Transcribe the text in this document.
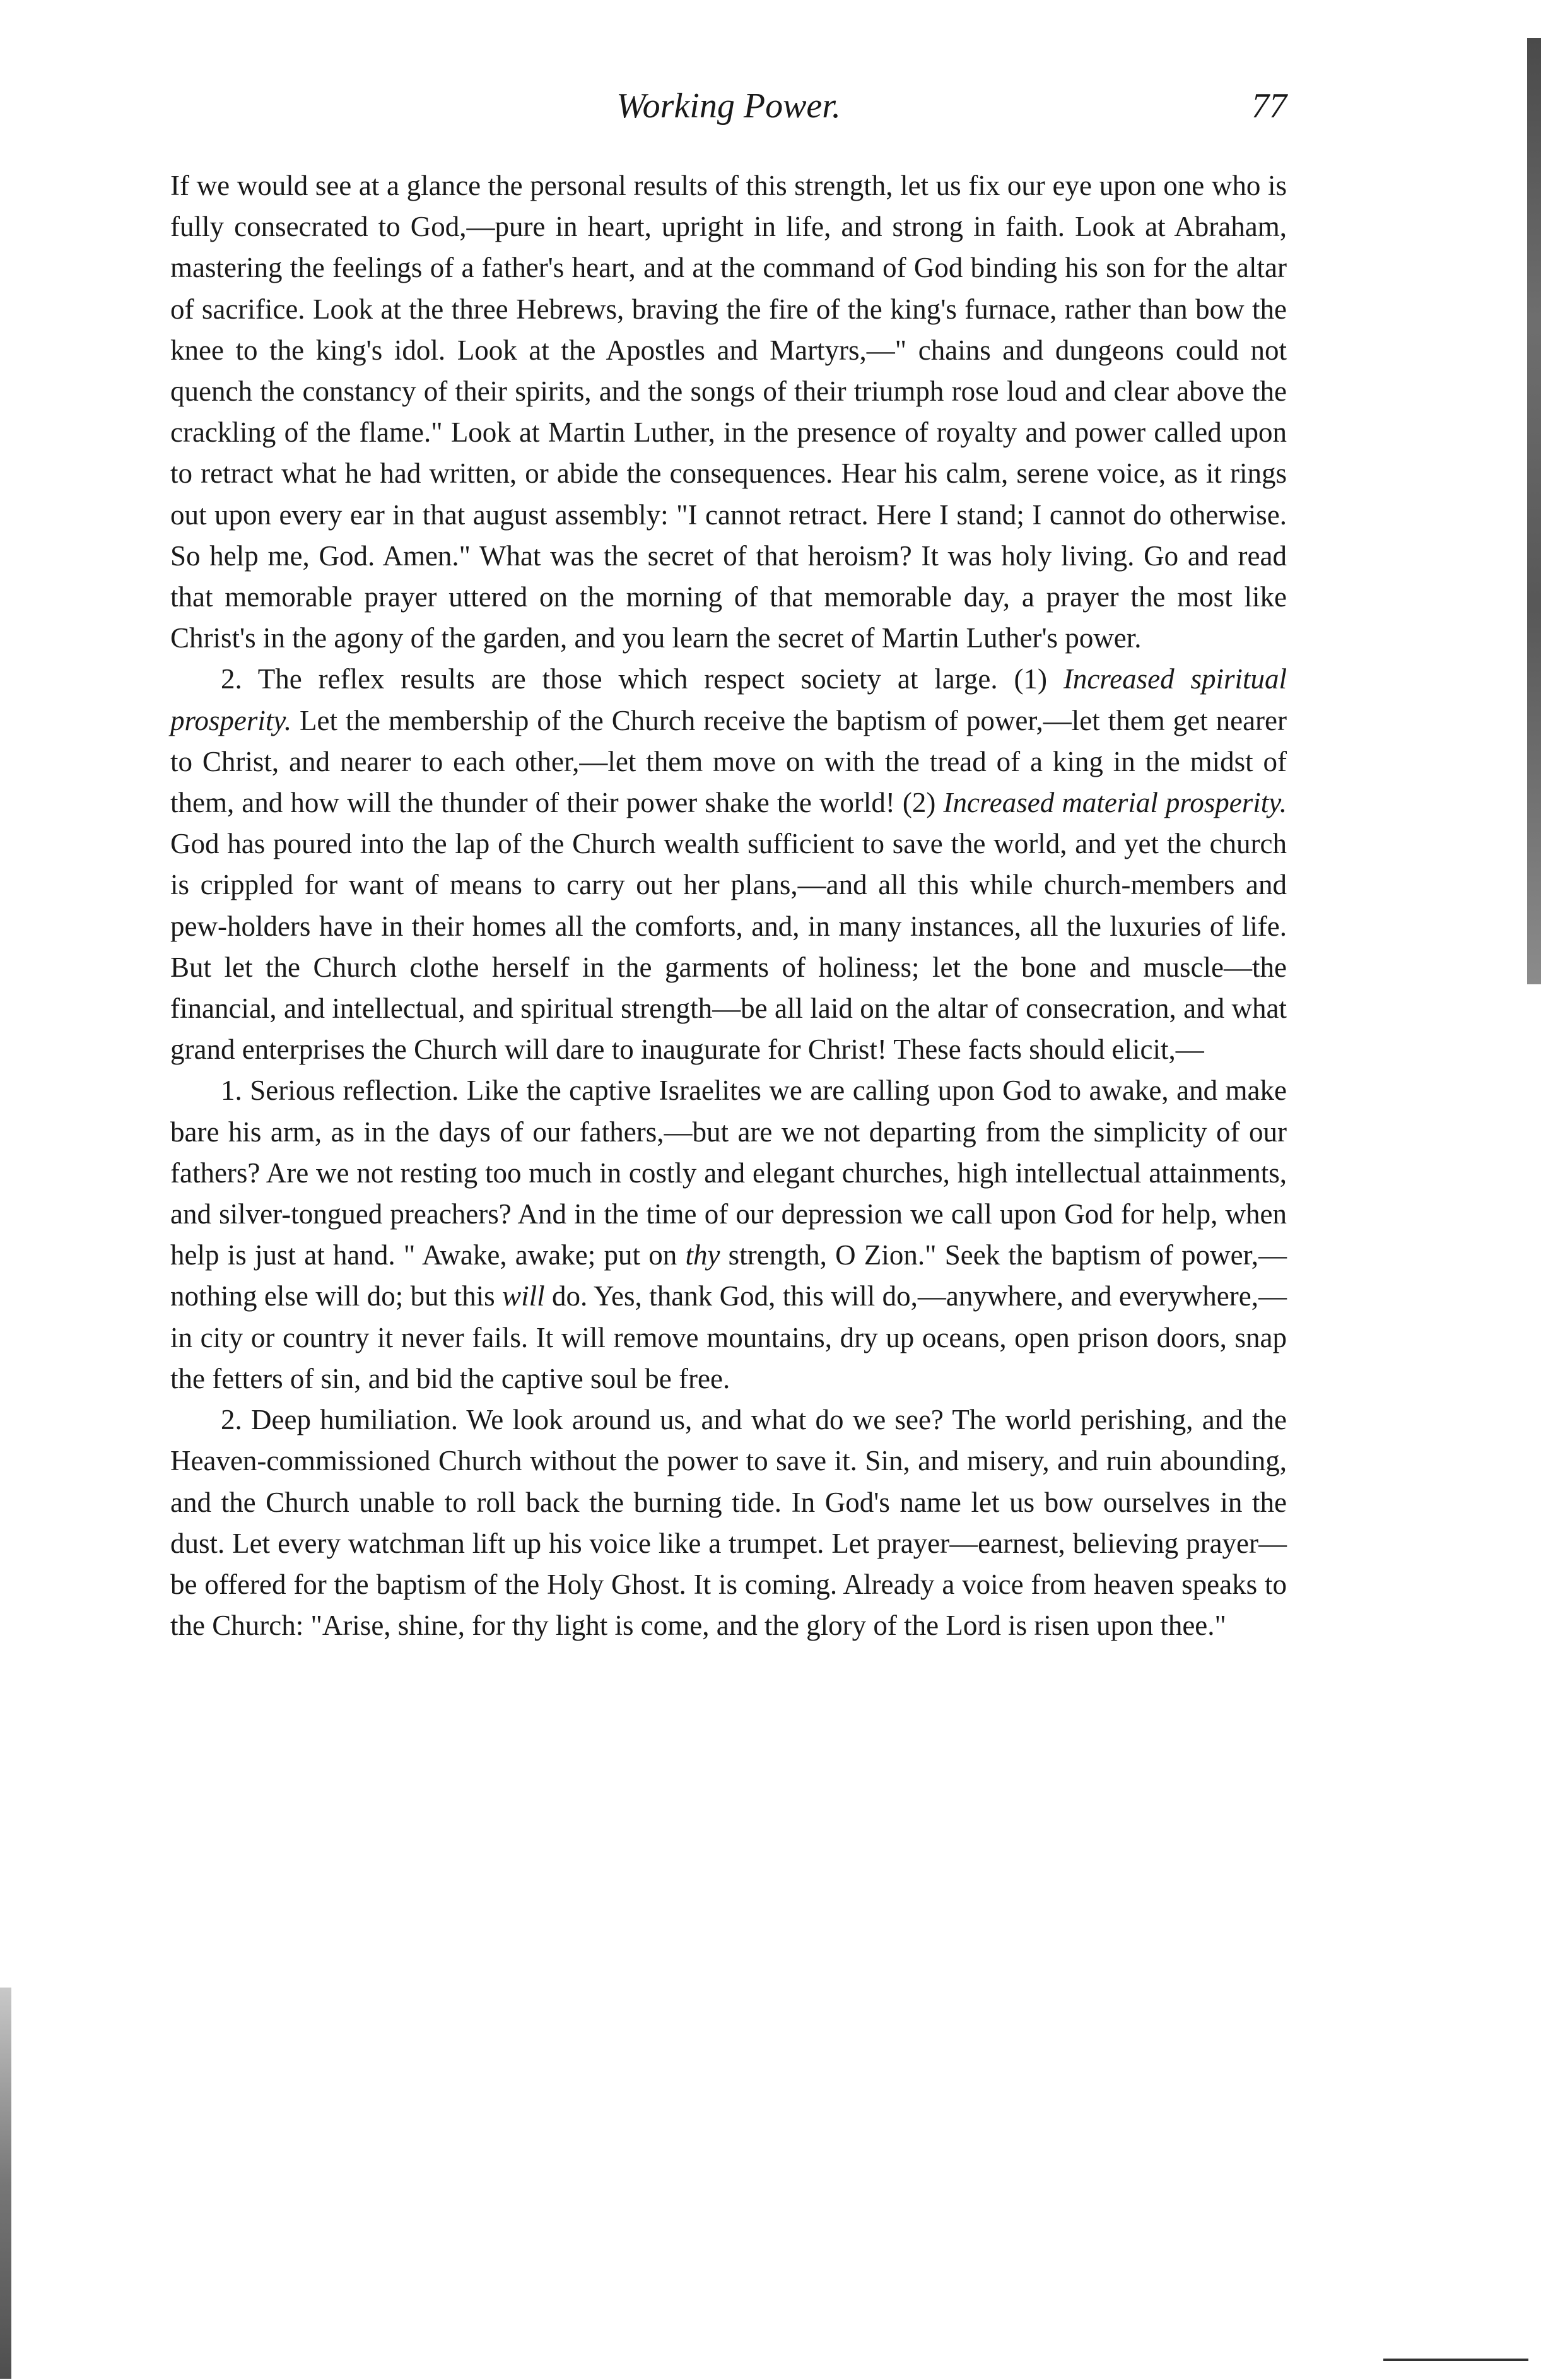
Working Power.	77

If we would see at a glance the personal results of this strength, let us fix our eye upon one who is fully consecrated to God,—pure in heart, upright in life, and strong in faith. Look at Abraham, mastering the feelings of a father's heart, and at the command of God binding his son for the altar of sacrifice. Look at the three Hebrews, braving the fire of the king's furnace, rather than bow the knee to the king's idol. Look at the Apostles and Martyrs,—" chains and dungeons could not quench the constancy of their spirits, and the songs of their triumph rose loud and clear above the crackling of the flame." Look at Martin Luther, in the presence of royalty and power called upon to retract what he had written, or abide the consequences. Hear his calm, serene voice, as it rings out upon every ear in that august assembly: "I cannot retract. Here I stand; I cannot do otherwise. So help me, God. Amen." What was the secret of that heroism? It was holy living. Go and read that memorable prayer uttered on the morning of that memorable day, a prayer the most like Christ's in the agony of the garden, and you learn the secret of Martin Luther's power.

2. The reflex results are those which respect society at large. (1) Increased spiritual prosperity. Let the membership of the Church receive the baptism of power,—let them get nearer to Christ, and nearer to each other,—let them move on with the tread of a king in the midst of them, and how will the thunder of their power shake the world! (2) Increased material prosperity. God has poured into the lap of the Church wealth sufficient to save the world, and yet the church is crippled for want of means to carry out her plans,—and all this while church-members and pew-holders have in their homes all the comforts, and, in many instances, all the luxuries of life. But let the Church clothe herself in the garments of holiness; let the bone and muscle—the financial, and intellectual, and spiritual strength—be all laid on the altar of consecration, and what grand enterprises the Church will dare to inaugurate for Christ! These facts should elicit,—

1. Serious reflection. Like the captive Israelites we are calling upon God to awake, and make bare his arm, as in the days of our fathers,—but are we not departing from the simplicity of our fathers? Are we not resting too much in costly and elegant churches, high intellectual attainments, and silver-tongued preachers? And in the time of our depression we call upon God for help, when help is just at hand. " Awake, awake; put on thy strength, O Zion." Seek the baptism of power,—nothing else will do; but this will do. Yes, thank God, this will do,—anywhere, and everywhere,—in city or country it never fails. It will remove mountains, dry up oceans, open prison doors, snap the fetters of sin, and bid the captive soul be free.

2. Deep humiliation. We look around us, and what do we see? The world perishing, and the Heaven-commissioned Church without the power to save it. Sin, and misery, and ruin abounding, and the Church unable to roll back the burning tide. In God's name let us bow ourselves in the dust. Let every watchman lift up his voice like a trumpet. Let prayer—earnest, believing prayer—be offered for the baptism of the Holy Ghost. It is coming. Already a voice from heaven speaks to the Church: "Arise, shine, for thy light is come, and the glory of the Lord is risen upon thee."
